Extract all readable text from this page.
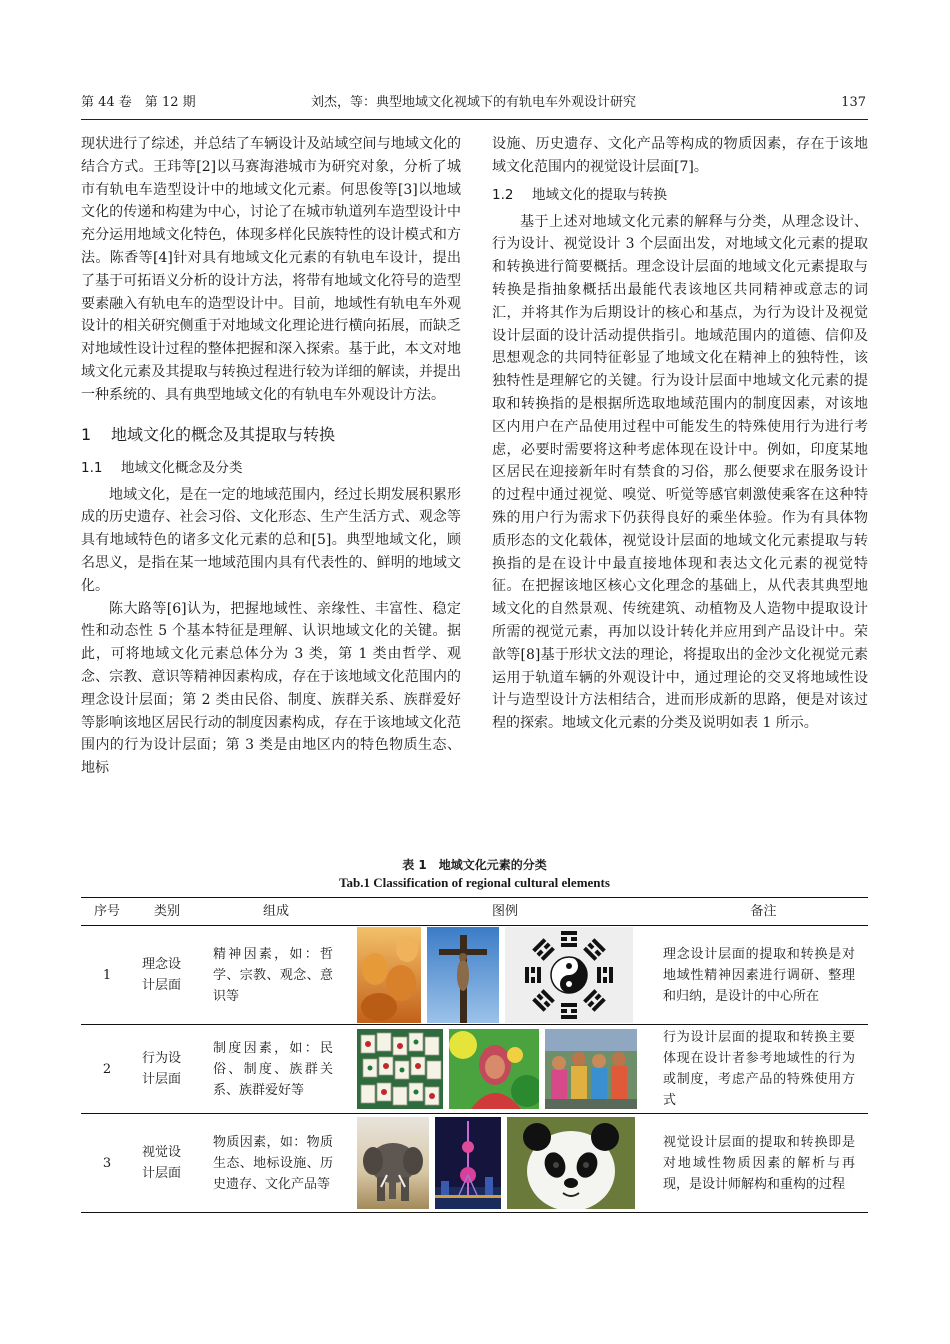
第 44 卷　第 12 期	刘杰，等：典型地域文化视域下的有轨电车外观设计研究	137

现状进行了综述，并总结了车辆设计及站域空间与地域文化的结合方式。王玮等[2]以马赛海港城市为研究对象，分析了城市有轨电车造型设计中的地域文化元素。何思俊等[3]以地域文化的传递和构建为中心，讨论了在城市轨道列车造型设计中充分运用地域文化特色，体现多样化民族特性的设计模式和方法。陈香等[4]针对具有地域文化元素的有轨电车设计，提出了基于可拓语义分析的设计方法，将带有地域文化符号的造型要素融入有轨电车的造型设计中。目前，地域性有轨电车外观设计的相关研究侧重于对地域文化理论进行横向拓展，而缺乏对地域性设计过程的整体把握和深入探索。基于此，本文对地域文化元素及其提取与转换过程进行较为详细的解读，并提出一种系统的、具有典型地域文化的有轨电车外观设计方法。

1 地域文化的概念及其提取与转换
1.1 地域文化概念及分类

地域文化，是在一定的地域范围内，经过长期发展积累形成的历史遗存、社会习俗、文化形态、生产生活方式、观念等具有地域特色的诸多文化元素的总和[5]。典型地域文化，顾名思义，是指在某一地域范围内具有代表性的、鲜明的地域文化。

陈大路等[6]认为，把握地域性、亲缘性、丰富性、稳定性和动态性 5 个基本特征是理解、认识地域文化的关键。据此，可将地域文化元素总体分为 3 类，第 1 类由哲学、观念、宗教、意识等精神因素构成，存在于该地域文化范围内的理念设计层面；第 2 类由民俗、制度、族群关系、族群爱好等影响该地区居民行动的制度因素构成，存在于该地域文化范围内的行为设计层面；第 3 类是由地区内的特色物质生态、地标

设施、历史遗存、文化产品等构成的物质因素，存在于该地域文化范围内的视觉设计层面[7]。

1.2 地域文化的提取与转换

基于上述对地域文化元素的解释与分类，从理念设计、行为设计、视觉设计 3 个层面出发，对地域文化元素的提取和转换进行简要概括。理念设计层面的地域文化元素提取与转换是指抽象概括出最能代表该地区共同精神或意志的词汇，并将其作为后期设计的核心和基点，为行为设计及视觉设计层面的设计活动提供指引。地域范围内的道德、信仰及思想观念的共同特征彰显了地域文化在精神上的独特性，该独特性是理解它的关键。行为设计层面中地域文化元素的提取和转换指的是根据所选取地域范围内的制度因素，对该地区内用户在产品使用过程中可能发生的特殊使用行为进行考虑，必要时需要将这种考虑体现在设计中。例如，印度某地区居民在迎接新年时有禁食的习俗，那么便要求在服务设计的过程中通过视觉、嗅觉、听觉等感官刺激使乘客在这种特殊的用户行为需求下仍获得良好的乘坐体验。作为有具体物质形态的文化载体，视觉设计层面的地域文化元素提取与转换指的是在设计中最直接地体现和表达文化元素的视觉特征。在把握该地区核心文化理念的基础上，从代表其典型地域文化的自然景观、传统建筑、动植物及人造物中提取设计所需的视觉元素，再加以设计转化并应用到产品设计中。荣歆等[8]基于形状文法的理论，将提取出的金沙文化视觉元素运用于轨道车辆的外观设计中，通过理论的交叉将地域性设计与造型设计方法相结合，进而形成新的思路，便是对该过程的探索。地域文化元素的分类及说明如表 1 所示。

表 1　地域文化元素的分类
Tab.1 Classification of regional cultural elements
序号	类别	组成	图例	备注
1	理念设计层面	精神因素，如：哲学、宗教、观念、意识等		理念设计层面的提取和转换是对地域性精神因素进行调研、整理和归纳，是设计的中心所在

2	行为设计层面	制度因素，如：民俗、制度、族群关系、族群爱好等		行为设计层面的提取和转换主要体现在设计者参考地域性的行为或制度，考虑产品的特殊使用方式

3	视觉设计层面	物质因素，如：物质生态、地标设施、历史遗存、文化产品等		视觉设计层面的提取和转换即是对地域性物质因素的解析与再现，是设计师解构和重构的过程
